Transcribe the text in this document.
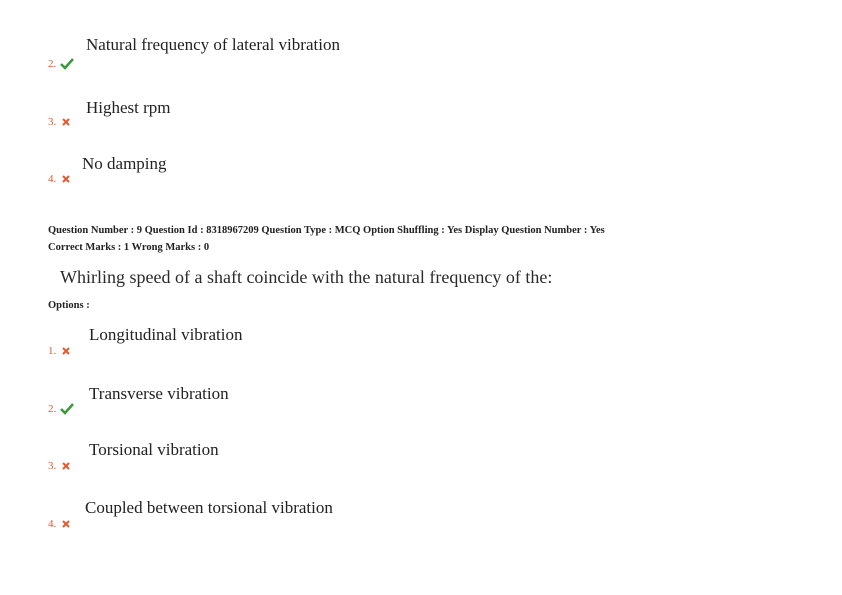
Natural frequency of lateral vibration
2.
Highest rpm
3.
No damping
4.
Question Number : 9 Question Id : 8318967209 Question Type : MCQ Option Shuffling : Yes Display Question Number : Yes
Correct Marks : 1 Wrong Marks : 0
Whirling speed of a shaft coincide with the natural frequency of the:
Options :
Longitudinal vibration
1.
Transverse vibration
2.
Torsional vibration
3.
Coupled between torsional vibration
4.
